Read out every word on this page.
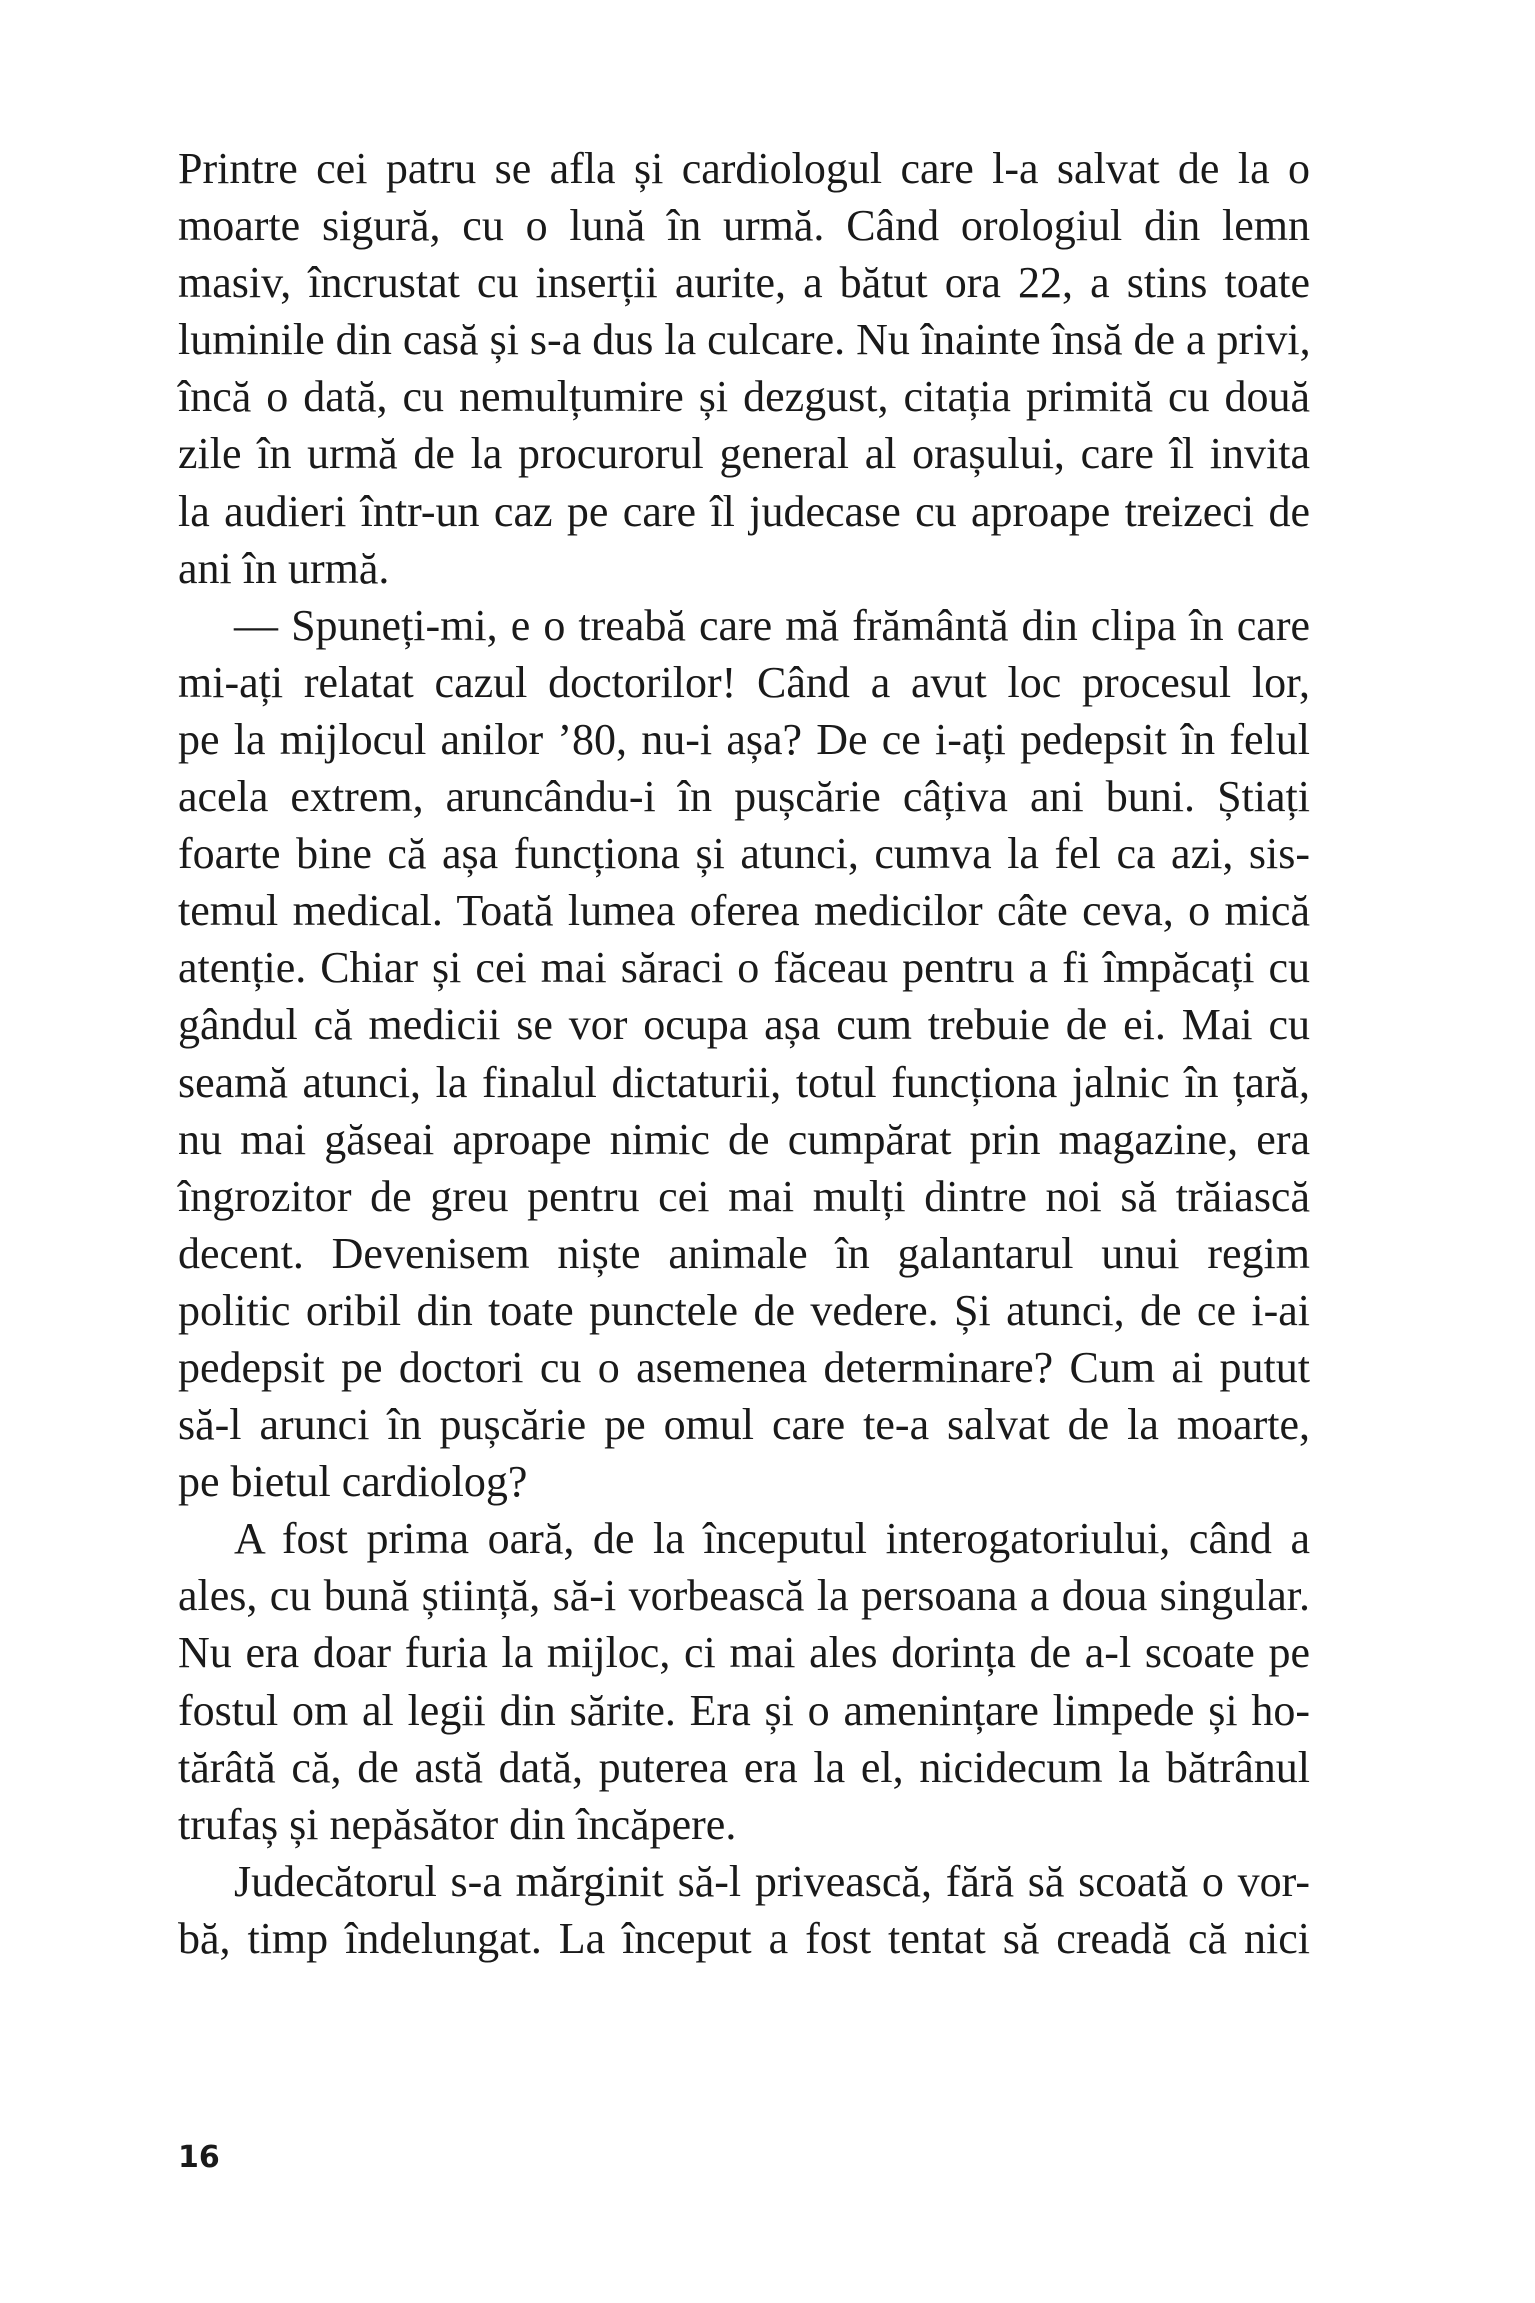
Printre cei patru se afla și cardiologul care l-a salvat de la o
moarte sigură, cu o lună în urmă. Când orologiul din lemn
masiv, încrustat cu inserții aurite, a bătut ora 22, a stins toate
luminile din casă și s-a dus la culcare. Nu înainte însă de a privi,
încă o dată, cu nemulțumire și dezgust, citația primită cu două
zile în urmă de la procurorul general al orașului, care îl invita
la audieri într-un caz pe care îl judecase cu aproape treizeci de
ani în urmă.
— Spuneți-mi, e o treabă care mă frământă din clipa în care
mi-ați relatat cazul doctorilor! Când a avut loc procesul lor,
pe la mijlocul anilor ’80, nu-i așa? De ce i-ați pedepsit în felul
acela extrem, aruncându-i în pușcărie câțiva ani buni. Știați
foarte bine că așa funcționa și atunci, cumva la fel ca azi, sis-
temul medical. Toată lumea oferea medicilor câte ceva, o mică
atenție. Chiar și cei mai săraci o făceau pentru a fi împăcați cu
gândul că medicii se vor ocupa așa cum trebuie de ei. Mai cu
seamă atunci, la finalul dictaturii, totul funcționa jalnic în țară,
nu mai găseai aproape nimic de cumpărat prin magazine, era
îngrozitor de greu pentru cei mai mulți dintre noi să trăiască
decent. Devenisem niște animale în galantarul unui regim
politic oribil din toate punctele de vedere. Și atunci, de ce i-ai
pedepsit pe doctori cu o asemenea determinare? Cum ai putut
să-l arunci în pușcărie pe omul care te-a salvat de la moarte,
pe bietul cardiolog?
A fost prima oară, de la începutul interogatoriului, când a
ales, cu bună știință, să-i vorbească la persoana a doua singular.
Nu era doar furia la mijloc, ci mai ales dorința de a-l scoate pe
fostul om al legii din sărite. Era și o amenințare limpede și ho-
tărâtă că, de astă dată, puterea era la el, nicidecum la bătrânul
trufaș și nepăsător din încăpere.
Judecătorul s-a mărginit să-l privească, fără să scoată o vor-
bă, timp îndelungat. La început a fost tentat să creadă că nici
16
